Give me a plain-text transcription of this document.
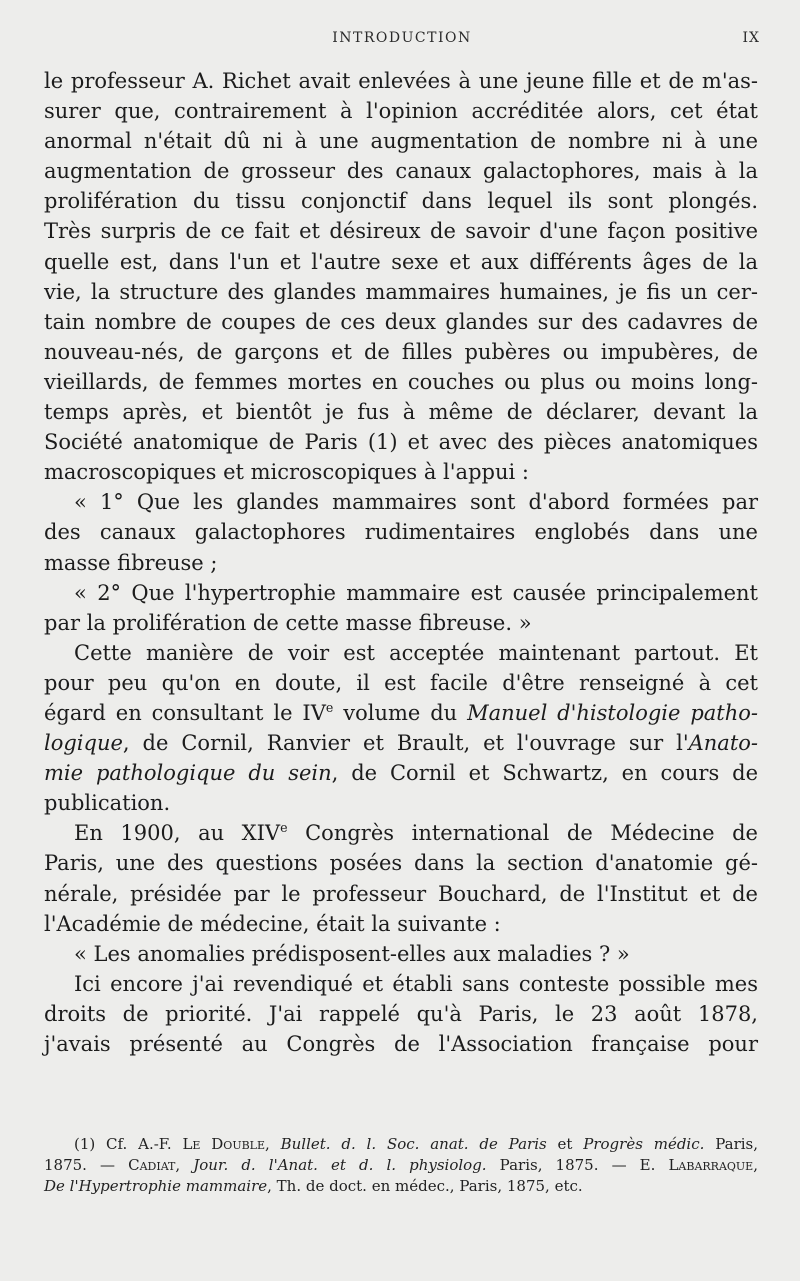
INTRODUCTION	IX

le professeur A. Richet avait enlevées à une jeune fille et de m'as-

surer que, contrairement à l'opinion accréditée alors, cet état

anormal n'était dû ni à une augmentation de nombre ni à une

augmentation de grosseur des canaux galactophores, mais à la

prolifération du tissu conjonctif dans lequel ils sont plongés.

Très surpris de ce fait et désireux de savoir d'une façon positive

quelle est, dans l'un et l'autre sexe et aux différents âges de la

vie, la structure des glandes mammaires humaines, je fis un cer-

tain nombre de coupes de ces deux glandes sur des cadavres de

nouveau-nés, de garçons et de filles pubères ou impubères, de

vieillards, de femmes mortes en couches ou plus ou moins long-

temps après, et bientôt je fus à même de déclarer, devant la

Société anatomique de Paris (1) et avec des pièces anatomiques

macroscopiques et microscopiques à l'appui :

« 1° Que les glandes mammaires sont d'abord formées par

des canaux galactophores rudimentaires englobés dans une

masse fibreuse ;

« 2° Que l'hypertrophie mammaire est causée principalement

par la prolifération de cette masse fibreuse. »

Cette manière de voir est acceptée maintenant partout. Et

pour peu qu'on en doute, il est facile d'être renseigné à cet

égard en consultant le IVe volume du Manuel d'histologie patho-

logique, de Cornil, Ranvier et Brault, et l'ouvrage sur l'Anato-

mie pathologique du sein, de Cornil et Schwartz, en cours de

publication.

En 1900, au XIVe Congrès international de Médecine de

Paris, une des questions posées dans la section d'anatomie gé-

nérale, présidée par le professeur Bouchard, de l'Institut et de

l'Académie de médecine, était la suivante :

« Les anomalies prédisposent-elles aux maladies ? »

Ici encore j'ai revendiqué et établi sans conteste possible mes

droits de priorité. J'ai rappelé qu'à Paris, le 23 août 1878,

j'avais présenté au Congrès de l'Association française pour

(1) Cf. A.-F. Le Double, Bullet. d. l. Soc. anat. de Paris et Progrès médic. Paris,

1875. — Cadiat, Jour. d. l'Anat. et d. l. physiolog. Paris, 1875. — E. Labarraque,

De l'Hypertrophie mammaire, Th. de doct. en médec., Paris, 1875, etc.
